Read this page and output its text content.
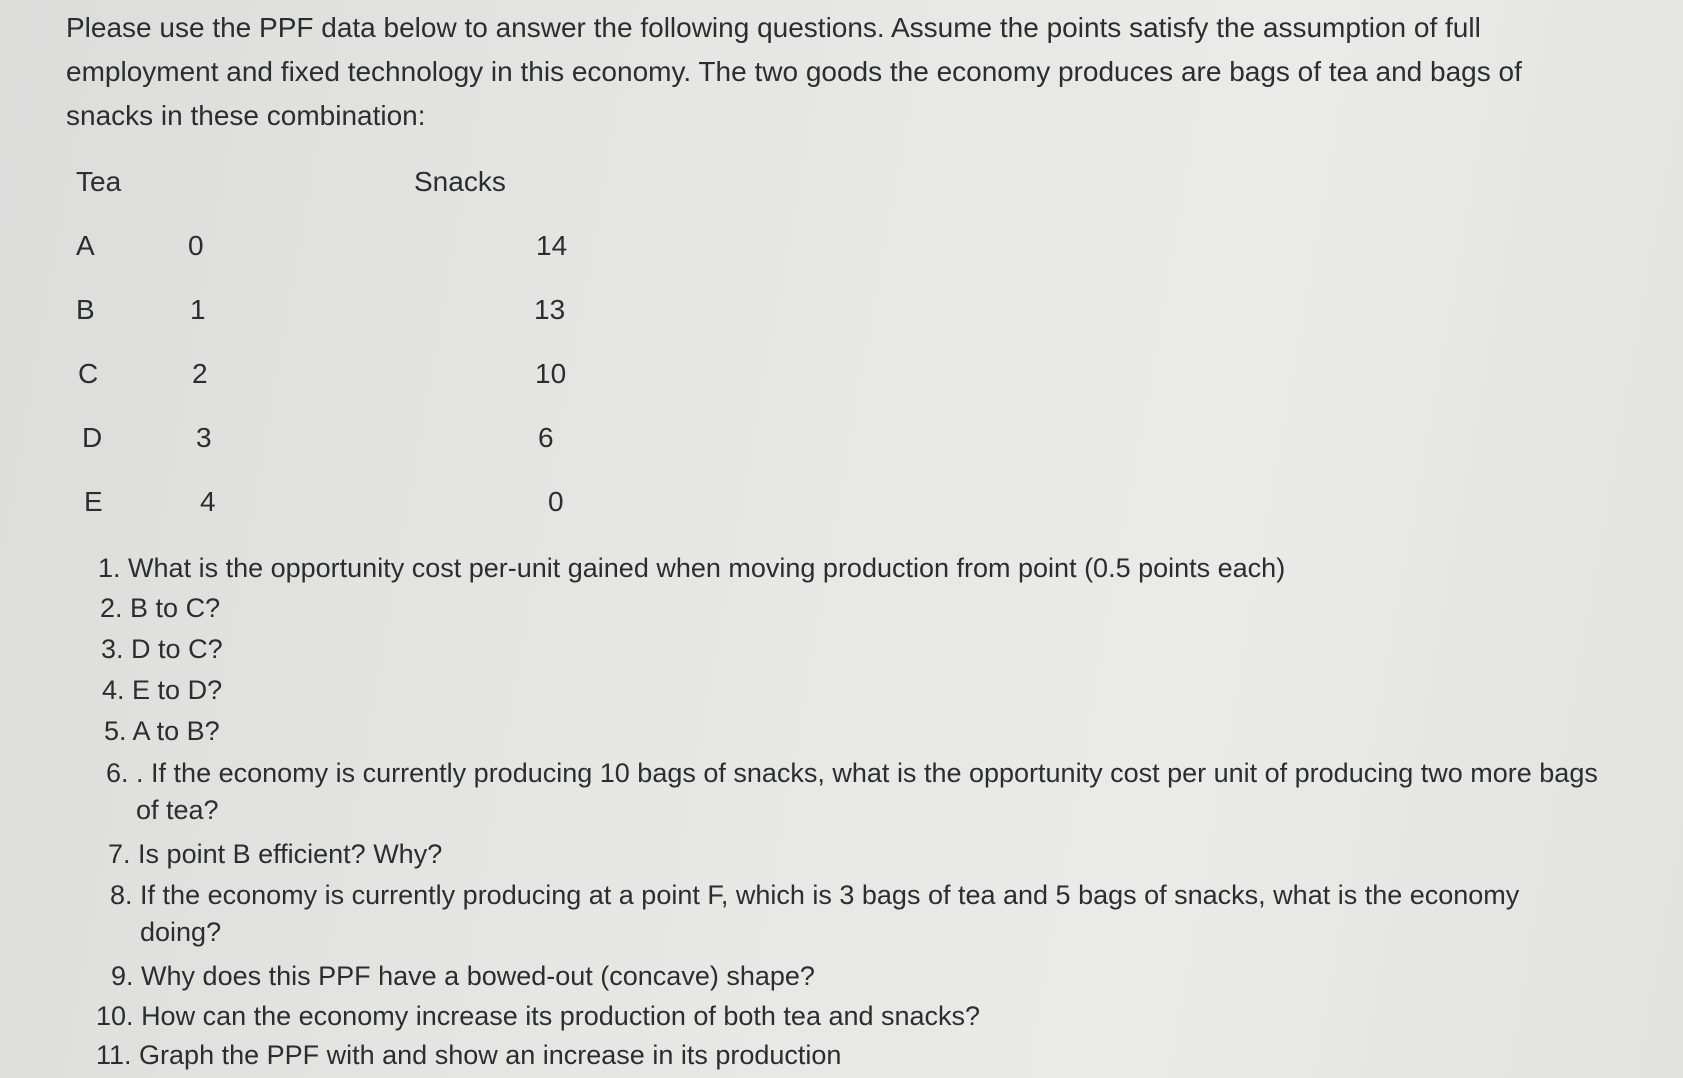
Please use the PPF data below to answer the following questions. Assume the points satisfy the assumption of full employment and fixed technology in this economy. The two goods the economy produces are bags of tea and bags of snacks in these combination:

Tea	Snacks
A	0	14
B	1	13
C	2	10
D	3	6
E	4	0
1. What is the opportunity cost per-unit gained when moving production from point (0.5 points each)
2. B to C?
3. D to C?
4. E to D?
5. A to B?
6. . If the economy is currently producing 10 bags of snacks, what is the opportunity cost per unit of producing two more bags of tea?
7. Is point B efficient? Why?
8. If the economy is currently producing at a point F, which is 3 bags of tea and 5 bags of snacks, what is the economy doing?
9. Why does this PPF have a bowed-out (concave) shape?
10. How can the economy increase its production of both tea and snacks?
11. Graph the PPF with and show an increase in its production
